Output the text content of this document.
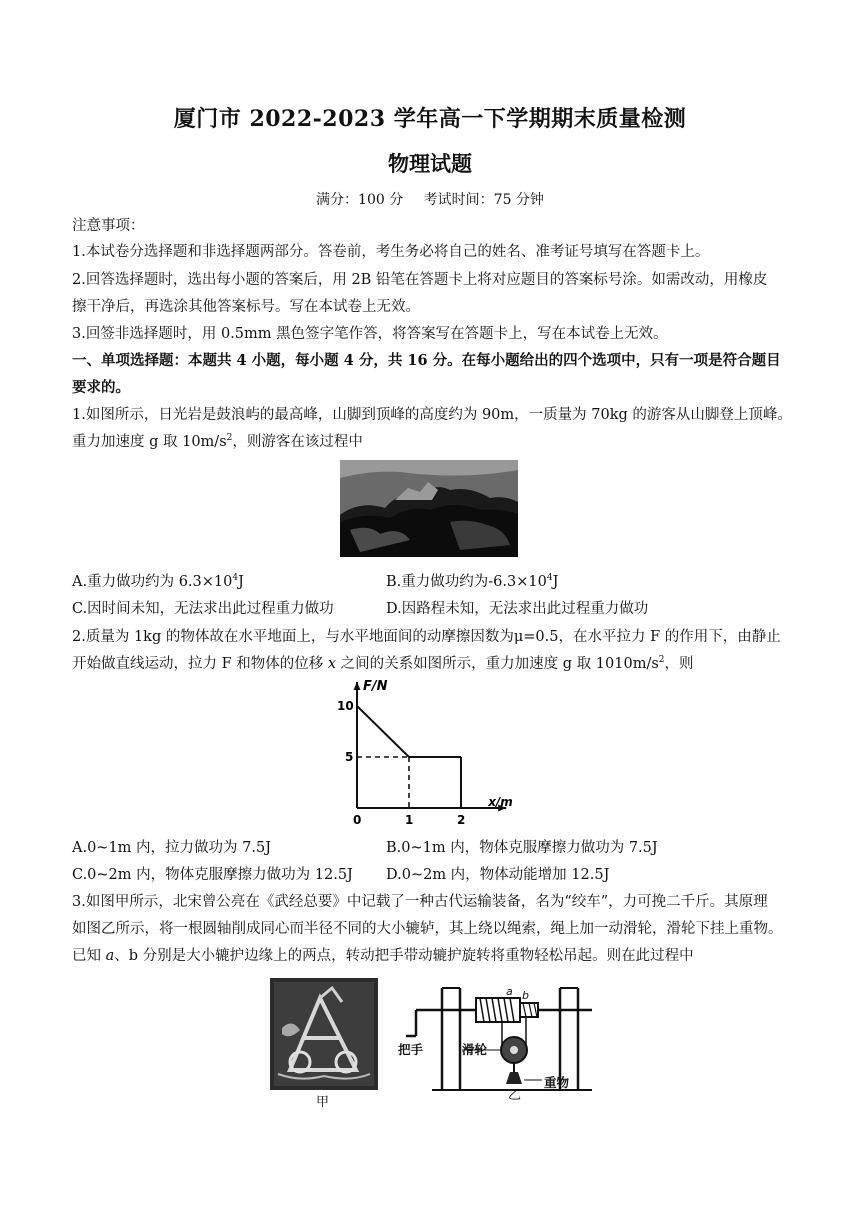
厦门市 2022-2023 学年高一下学期期末质量检测
物理试题
满分：100 分 考试时间：75 分钟
注意事项：
1.本试卷分选择题和非选择题两部分。答卷前，考生务必将自己的姓名、准考证号填写在答题卡上。
2.回答选择题时，选出每小题的答案后，用 2B 铅笔在答题卡上将对应题目的答案标号涂。如需改动，用橡皮
擦干净后，再选涂其他答案标号。写在本试卷上无效。
3.回签非选择题时，用 0.5mm 黑色签字笔作答，将答案写在答题卡上，写在本试卷上无效。
一、单项选择题：本题共 4 小题，每小题 4 分，共 16 分。在每小题给出的四个选项中，只有一项是符合题目
要求的。
1.如图所示，日光岩是鼓浪屿的最高峰，山脚到顶峰的高度约为 90m，一质量为 70kg 的游客从山脚登上顶峰。
重力加速度 g 取 $10m/s^2$，则游客在该过程中
A.重力做功约为 $6.3\times 10^4J$	B.重力做功约为$-6.3\times 10^4J$
C.因时间未知，无法求出此过程重力做功	D.因路程未知，无法求出此过程重力做功
2.质量为 1kg 的物体故在水平地面上，与水平地面间的动摩擦因数为μ=0.5，在水平拉力 F 的作用下，由静止
开始做直线运动，拉力 F 和物体的位移 x 之间的关系如图所示，重力加速度 g 取 $1010m/s^2$，则
F/N
x/m
0	1	2
5
10
A.0~1m 内，拉力做功为 7.5J	B.0~1m 内，物体克服摩擦力做功为 7.5J
C.0~2m 内，物体克服摩擦力做功为 12.5J D.0~2m 内，物体动能增加 12.5J
3.如图甲所示，北宋曾公亮在《武经总要》中记载了一种古代运输装备，名为“绞车”，力可挽二千斤。其原理
如图乙所示，将一根圆轴削成同心而半径不同的大小辘轳，其上绕以绳索，绳上加一动滑轮，滑轮下挂上重物。
已知 a、b 分别是大小辘护边缘上的两点，转动把手带动辘护旋转将重物轻松吊起。则在此过程中
甲
a b
把手	滑轮
重物
乙
